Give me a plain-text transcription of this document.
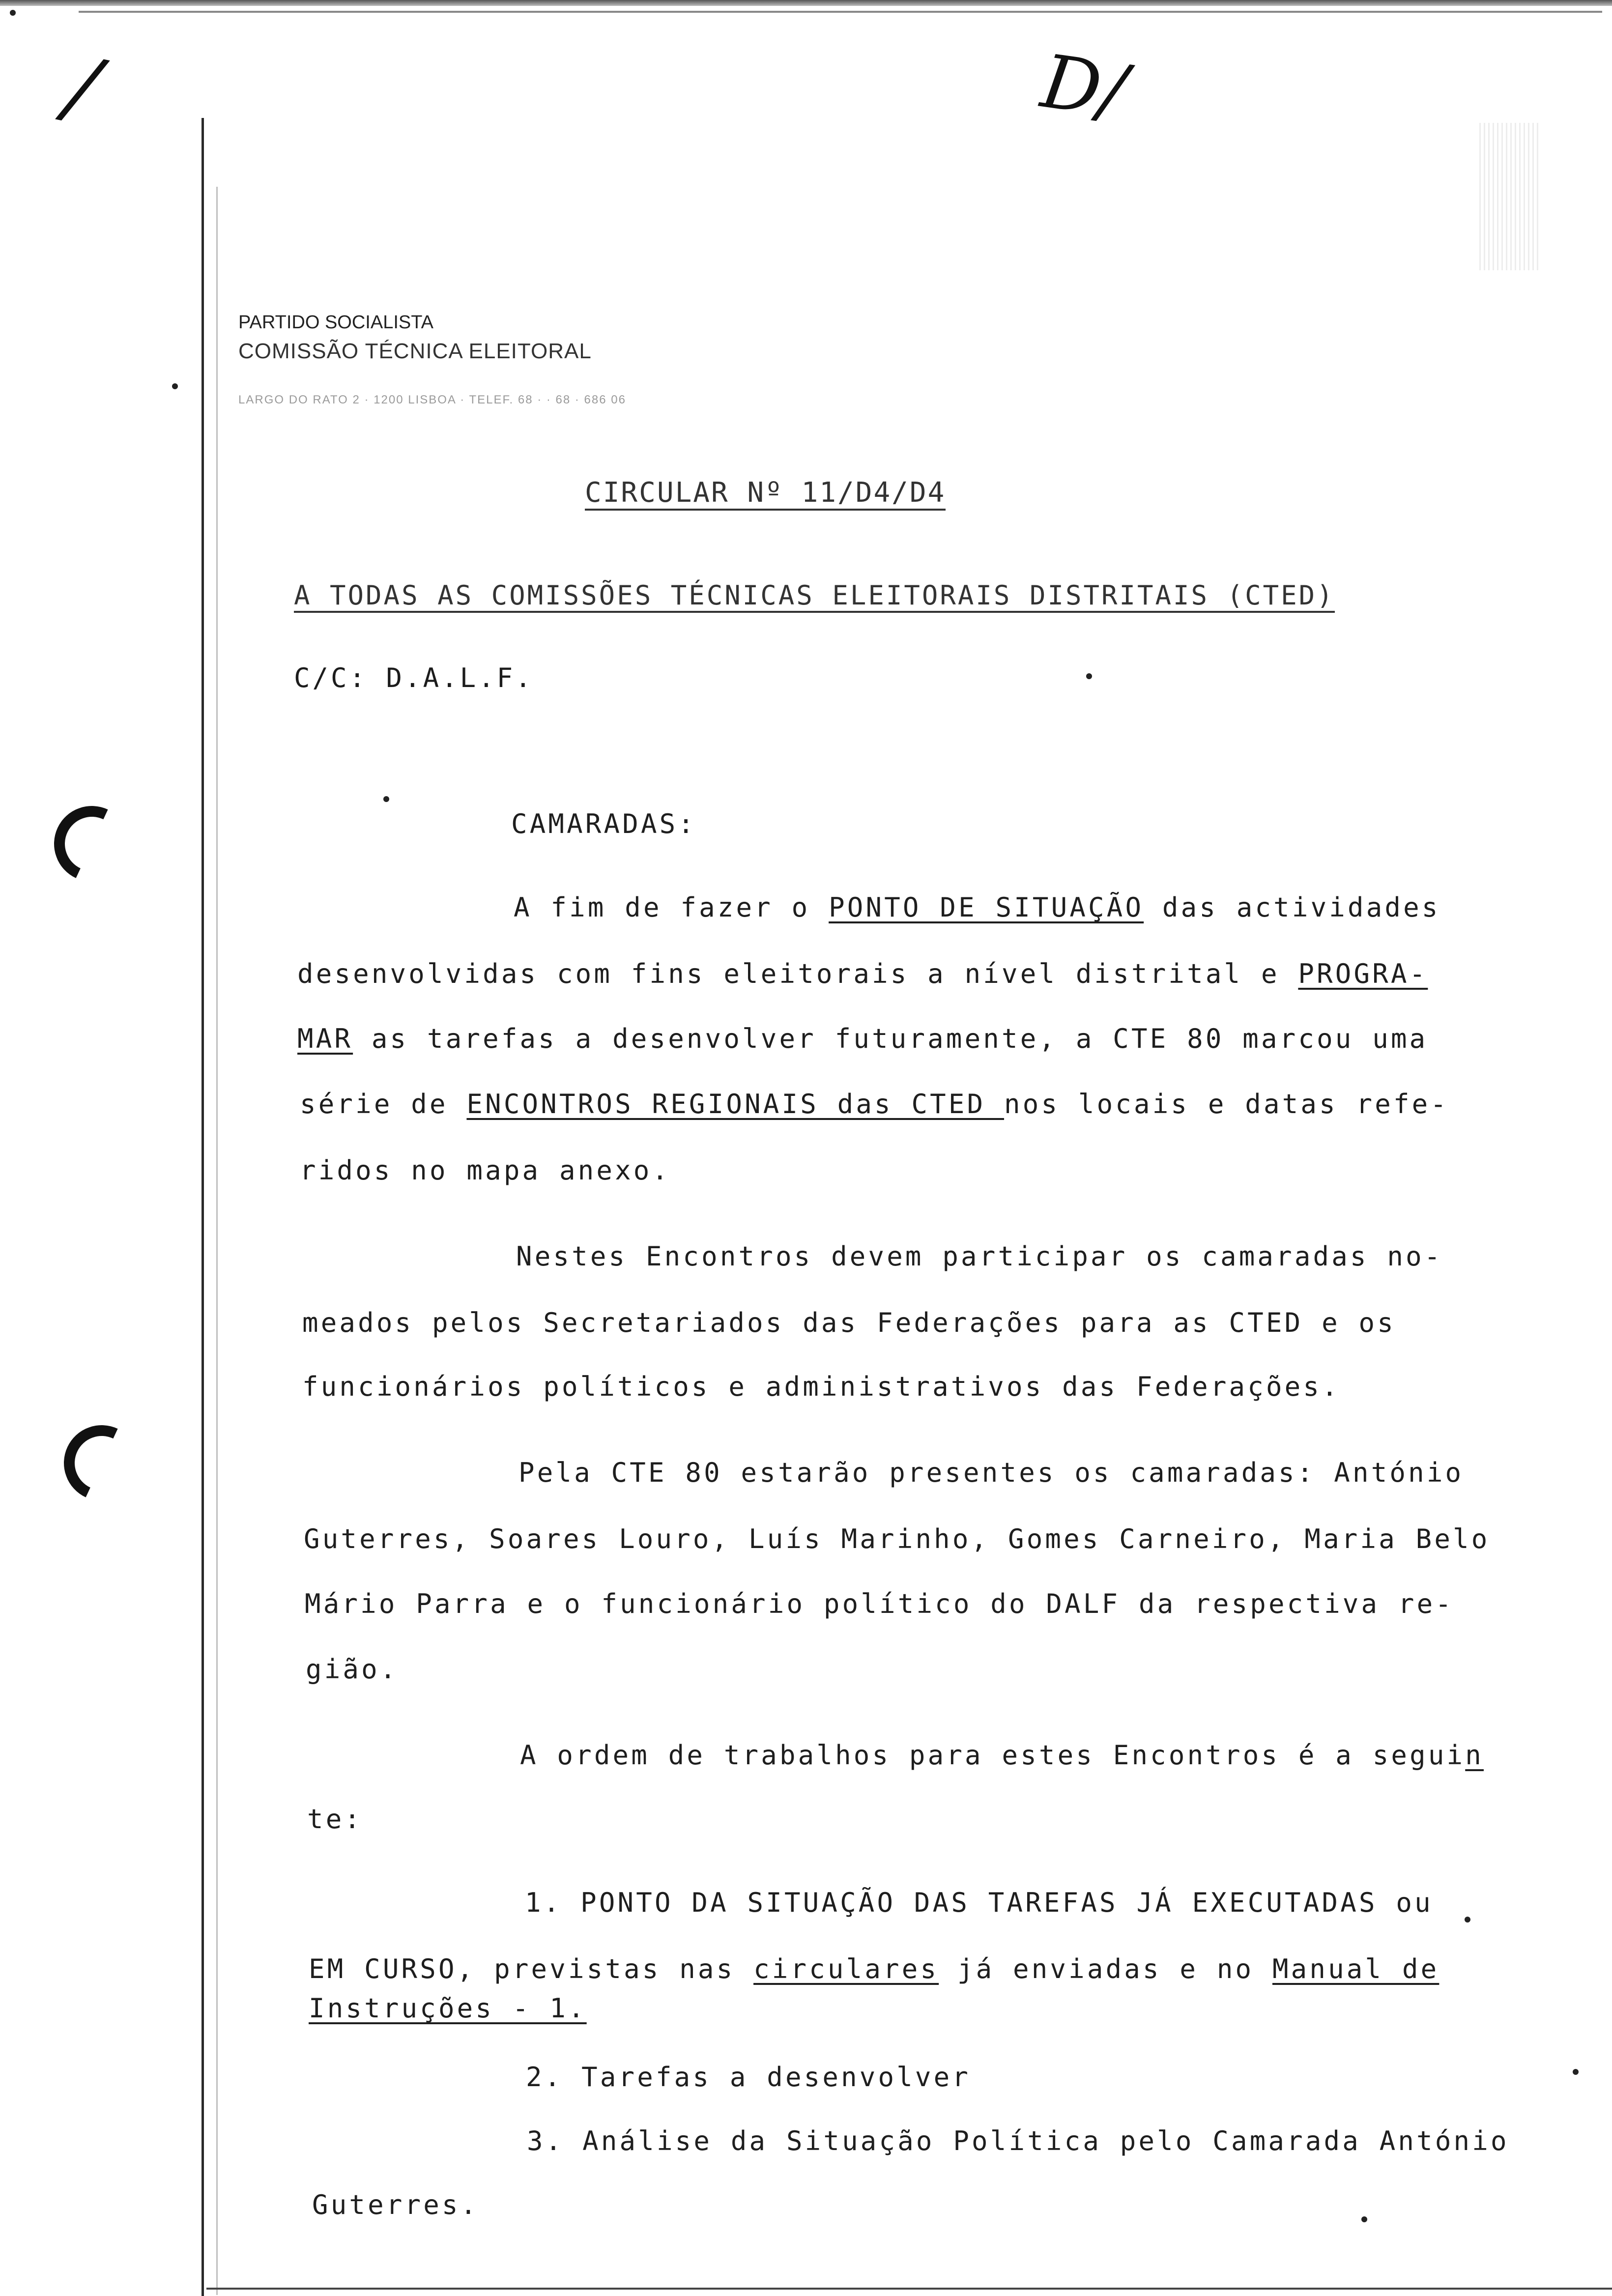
/	D/
PARTIDO SOCIALISTA
COMISSÃO TÉCNICA ELEITORAL
LARGO DO RATO 2 · 1200 LISBOA · TELEF. 68 · · 68 · 686 06
CIRCULAR Nº 11/D4/D4
A TODAS AS COMISSÕES TÉCNICAS ELEITORAIS DISTRITAIS (CTED)
C/C: D.A.L.F.
CAMARADAS:
A fim de fazer o PONTO DE SITUAÇÃO das actividades
desenvolvidas com fins eleitorais a nível distrital e PROGRA-
MAR as tarefas a desenvolver futuramente, a CTE 80 marcou uma
série de ENCONTROS REGIONAIS das CTED nos locais e datas refe-
ridos no mapa anexo.
Nestes Encontros devem participar os camaradas no-
meados pelos Secretariados das Federações para as CTED e os
funcionários políticos e administrativos das Federações.
Pela CTE 80 estarão presentes os camaradas: António
Guterres, Soares Louro, Luís Marinho, Gomes Carneiro, Maria Belo
Mário Parra e o funcionário político do DALF da respectiva re-
gião.
A ordem de trabalhos para estes Encontros é a seguin
te:
1. PONTO DA SITUAÇÃO DAS TAREFAS JÁ EXECUTADAS ou
EM CURSO, previstas nas circulares já enviadas e no Manual de
Instruções - 1.
2. Tarefas a desenvolver
3. Análise da Situação Política pelo Camarada António
Guterres.
